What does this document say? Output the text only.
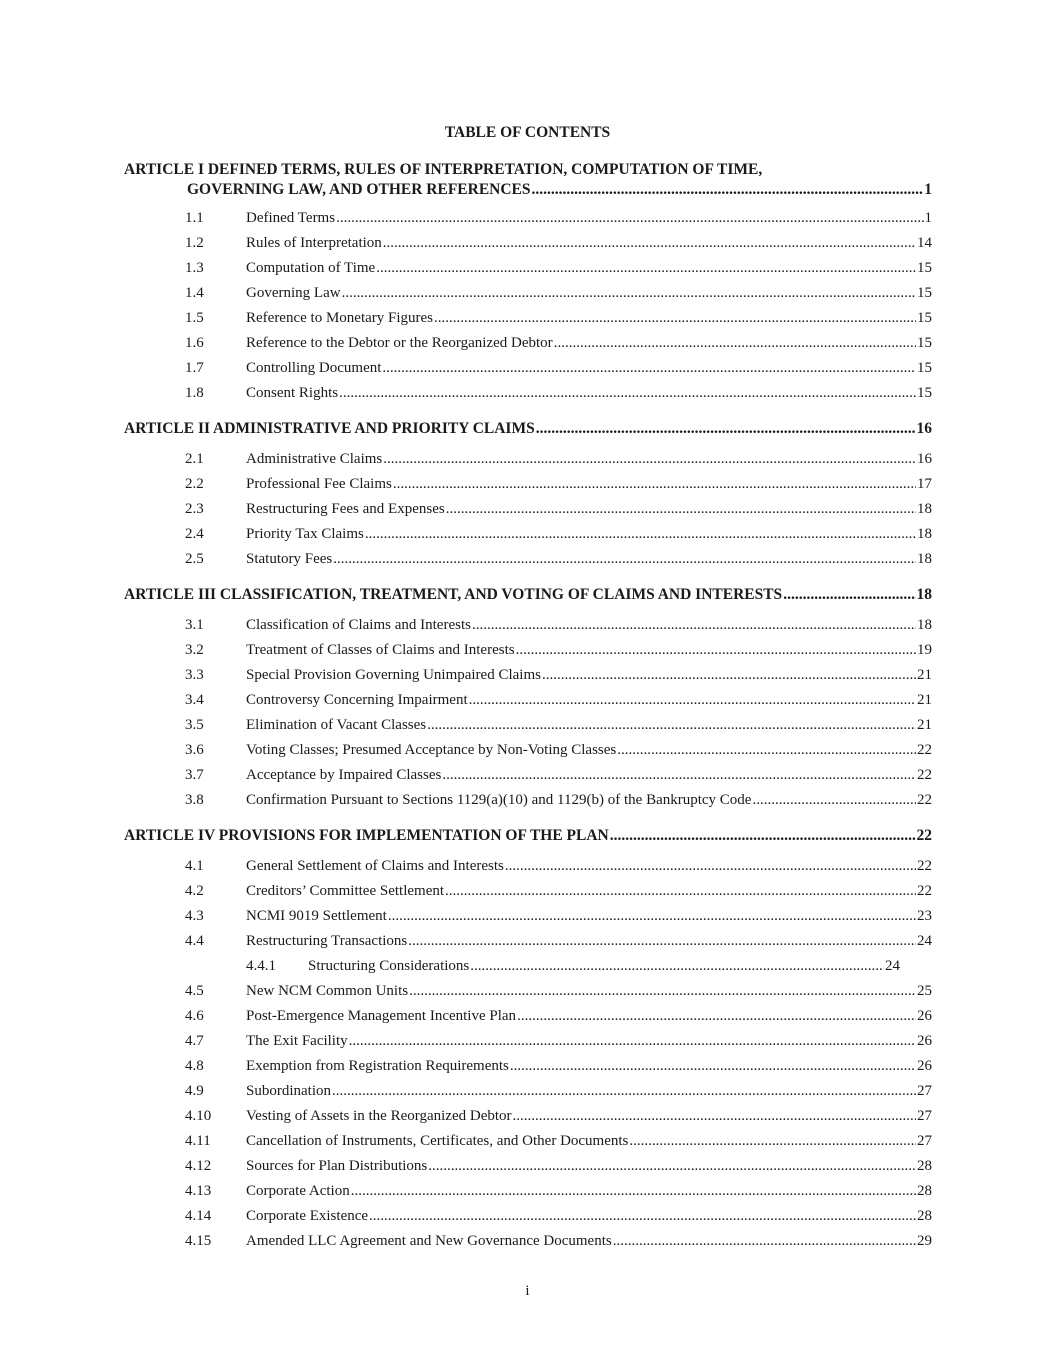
TABLE OF CONTENTS
ARTICLE I DEFINED TERMS, RULES OF INTERPRETATION, COMPUTATION OF TIME,
GOVERNING LAW, AND OTHER REFERENCES .....	1
1.1	Defined Terms .....	1
1.2	Rules of Interpretation .....	14
1.3	Computation of Time .....	15
1.4	Governing Law .....	15
1.5	Reference to Monetary Figures .....	15
1.6	Reference to the Debtor or the Reorganized Debtor .....	15
1.7	Controlling Document .....	15
1.8	Consent Rights .....	15
ARTICLE II ADMINISTRATIVE AND PRIORITY CLAIMS .....	16
2.1	Administrative Claims .....	16
2.2	Professional Fee Claims .....	17
2.3	Restructuring Fees and Expenses .....	18
2.4	Priority Tax Claims .....	18
2.5	Statutory Fees .....	18
ARTICLE III CLASSIFICATION, TREATMENT, AND VOTING OF CLAIMS AND INTERESTS .....	18
3.1	Classification of Claims and Interests .....	18
3.2	Treatment of Classes of Claims and Interests .....	19
3.3	Special Provision Governing Unimpaired Claims .....	21
3.4	Controversy Concerning Impairment .....	21
3.5	Elimination of Vacant Classes .....	21
3.6	Voting Classes; Presumed Acceptance by Non-Voting Classes .....	22
3.7	Acceptance by Impaired Classes .....	22
3.8	Confirmation Pursuant to Sections 1129(a)(10) and 1129(b) of the Bankruptcy Code .....	22
ARTICLE IV PROVISIONS FOR IMPLEMENTATION OF THE PLAN .....	22
4.1	General Settlement of Claims and Interests .....	22
4.2	Creditors’ Committee Settlement .....	22
4.3	NCMI 9019 Settlement .....	23
4.4	Restructuring Transactions .....	24
4.4.1 Structuring Considerations .....	24
4.5	New NCM Common Units .....	25
4.6	Post-Emergence Management Incentive Plan .....	26
4.7	The Exit Facility .....	26
4.8	Exemption from Registration Requirements .....	26
4.9	Subordination .....	27
4.10 Vesting of Assets in the Reorganized Debtor .....	27
4.11 Cancellation of Instruments, Certificates, and Other Documents .....	27
4.12 Sources for Plan Distributions .....	28
4.13 Corporate Action .....	28
4.14 Corporate Existence .....	28
4.15 Amended LLC Agreement and New Governance Documents .....	29
i
